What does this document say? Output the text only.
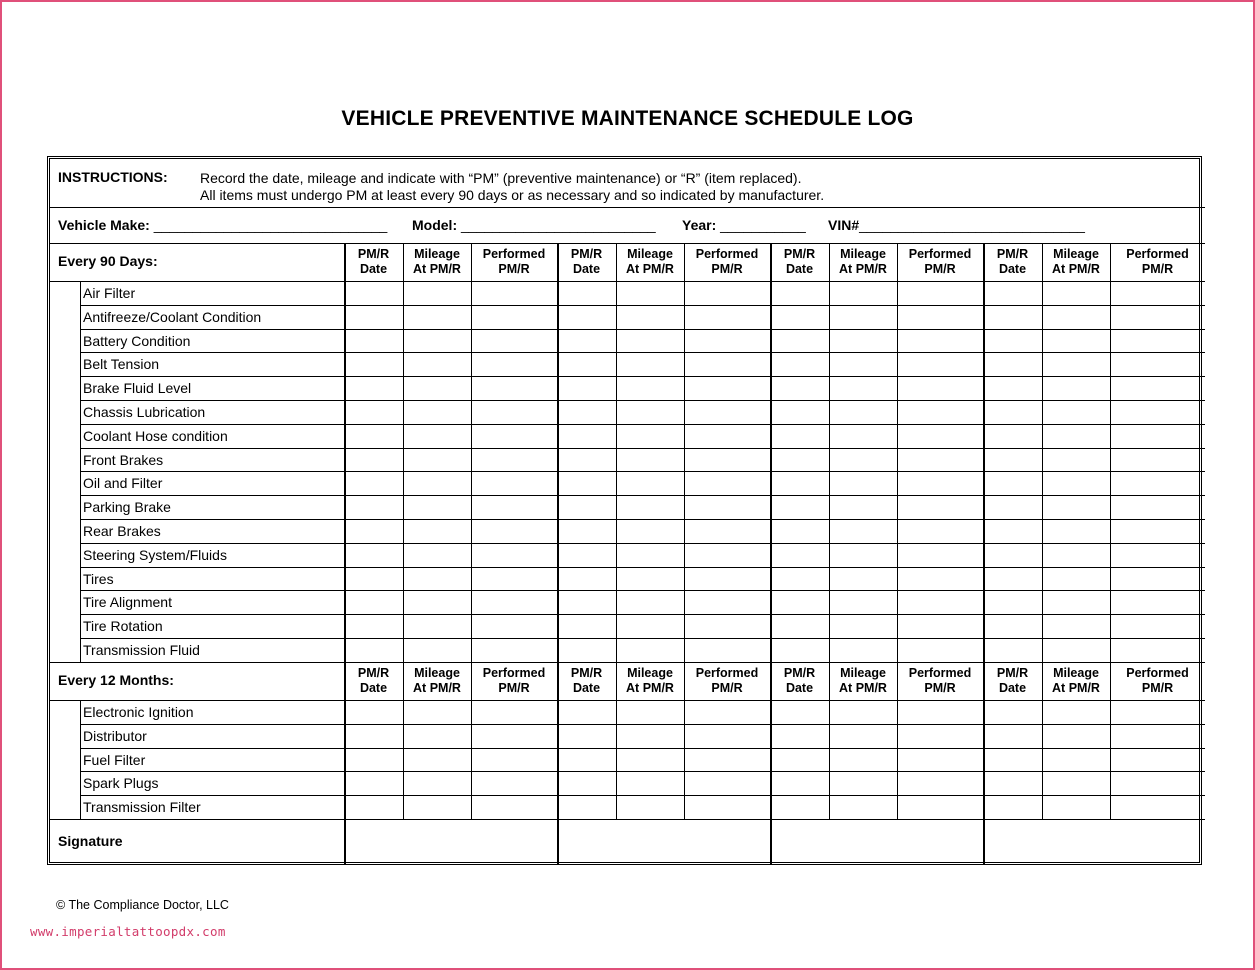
VEHICLE PREVENTIVE MAINTENANCE SCHEDULE LOG
INSTRUCTIONS: Record the date, mileage and indicate with “PM” (preventive maintenance) or “R” (item replaced).
All items must undergo PM at least every 90 days or as necessary and so indicated by manufacturer.
Vehicle Make: ______________________________ Model: _________________________ Year: ___________ VIN#_____________________________
Every 90 Days:	PM/R
Date
Mileage
At PM/R
Performed
PM/R
PM/R
Date
Mileage
At PM/R
Performed
PM/R
PM/R
Date
Mileage
At PM/R
Performed
PM/R
PM/R
Date
Mileage
At PM/R
Performed
PM/R
Air Filter
Antifreeze/Coolant Condition
Battery Condition
Belt Tension
Brake Fluid Level
Chassis Lubrication
Coolant Hose condition
Front Brakes
Oil and Filter
Parking Brake
Rear Brakes
Steering System/Fluids
Tires
Tire Alignment
Tire Rotation
Transmission Fluid
Every 12 Months:	PM/R
Date
Mileage
At PM/R
Performed
PM/R
PM/R
Date
Mileage
At PM/R
Performed
PM/R
PM/R
Date
Mileage
At PM/R
Performed
PM/R
PM/R
Date
Mileage
At PM/R
Performed
PM/R
Electronic Ignition
Distributor
Fuel Filter
Spark Plugs
Transmission Filter
Signature
© The Compliance Doctor, LLC
www.imperialtattoopdx.com
